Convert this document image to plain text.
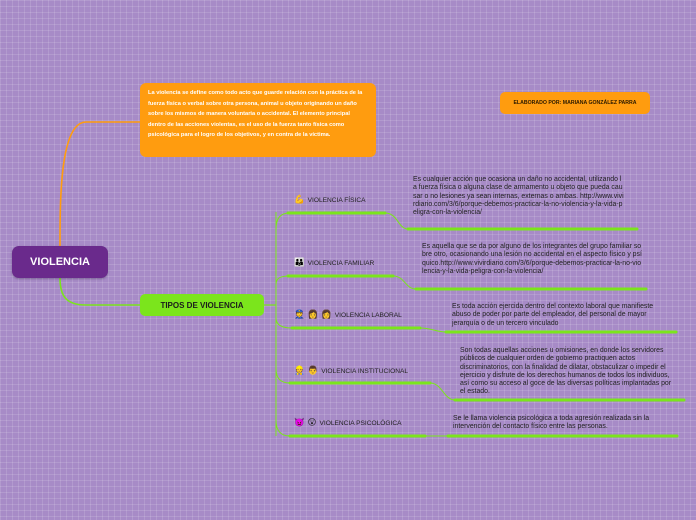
VIOLENCIA
La violencia se define como todo acto que guarde relación con la práctica de la fuerza física o verbal sobre otra persona, animal u objeto originando un daño sobre los mismos de manera voluntaria o accidental. El elemento principal dentro de las acciones violentas, es el uso de la fuerza tanto física como psicológica para el logro de los objetivos, y en contra de la víctima.
ELABORADO POR: MARIANA GONZÁLEZ PARRA
TIPOS DE VIOLENCIA
💪 VIOLENCIA FÍSICA
Es cualquier acción que ocasiona un daño no accidental, utilizando la fuerza física o alguna clase de armamento u objeto que pueda causar o no lesiones ya sean internas, externas o ambas. http://www.vivirdiario.com/3/6/porque-debemos-practicar-la-no-violencia-y-la-vida-peligra-con-la-violencia/
👪 VIOLENCIA FAMILIAR
Es aquella que se da por alguno de los integrantes del grupo familiar sobre otro, ocasionando una lesión no accidental en el aspecto físico y psíquico.http://www.vivirdiario.com/3/6/porque-debemos-practicar-la-no-violencia-y-la-vida-peligra-con-la-violencia/
👮 👩 👩 VIOLENCIA LABORAL
Es toda acción ejercida dentro del contexto laboral que manifieste abuso de poder por parte del empleador, del personal de mayor jerarquía o de un tercero vinculado
👷 👨 VIOLENCIA INSTITUCIONAL
Son todas aquellas acciones u omisiones, en donde los servidores públicos de cualquier orden de gobierno practiquen actos discriminatorios, con la finalidad de dilatar, obstaculizar o impedir el ejercicio y disfrute de los derechos humanos de todos los individuos, así como su acceso al goce de las diversas políticas implantadas por el estado.
👿 😲 VIOLENCIA PSICOLÓGICA
Se le llama violencia psicológica a toda agresión realizada sin la intervención del contacto físico entre las personas.
